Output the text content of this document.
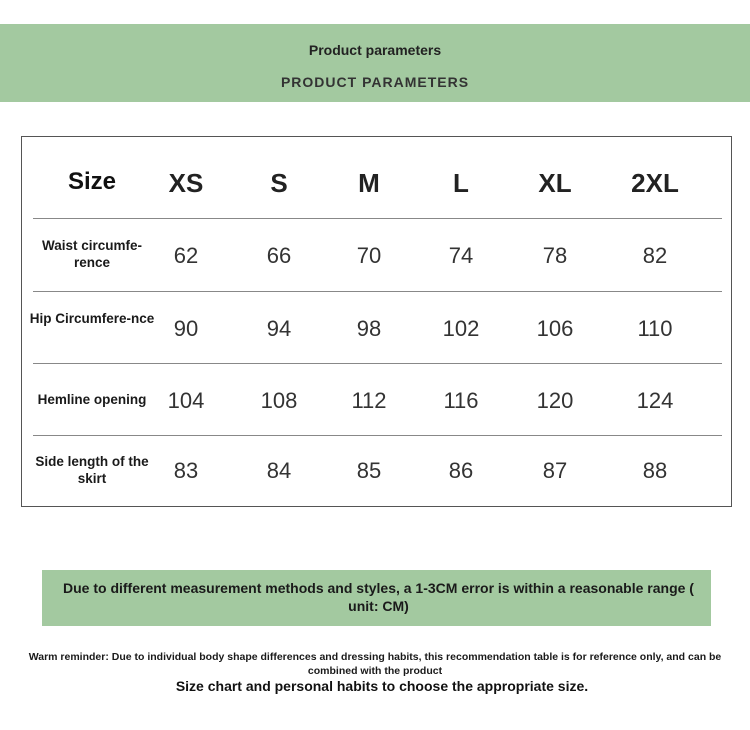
Product parameters
PRODUCT PARAMETERS
Size	XS	S	M	L	XL	2XL
Waist circumfe-rence	62	66	70	74	78	82
Hip Circumfere-nce 90	94	98	102	106	110
Hemline opening 104	108	112	116	120	124
Side length of the skirt	83	84	85	86	87	88
Due to different measurement methods and styles, a 1-3CM error is within a reasonable range ( unit: CM)
Warm reminder: Due to individual body shape differences and dressing habits, this recommendation table is for reference only, and can be combined with the product
Size chart and personal habits to choose the appropriate size.
